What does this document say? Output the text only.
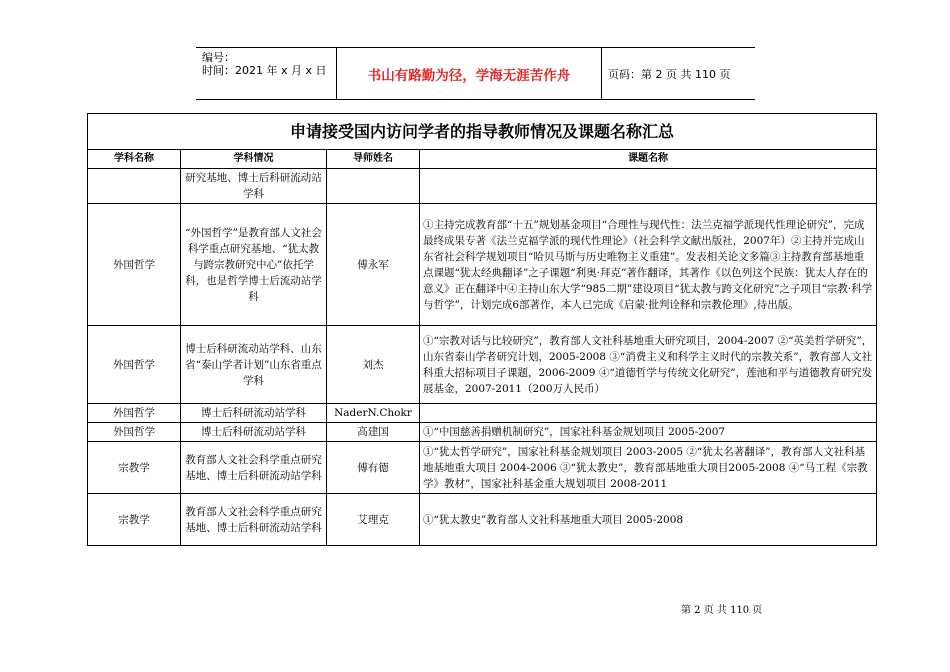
编号：
时间：2021 年 x 月 x 日	书山有路勤为径，学海无涯苦作舟	页码：第 2 页 共 110 页
申请接受国内访问学者的指导教师情况及课题名称汇总			
学科名称	学科情况	导师姓名	课题名称
	研究基地、博士后科研流动站学科		
外国哲学	“外国哲学”是教育部人文社会科学重点研究基地、“犹太教与跨宗教研究中心”依托学科，也是哲学博士后流动站学科	傅永军	①主持完成教育部“十五”规划基金项目“合理性与现代性：法兰克福学派现代性理论研究”，完成最终成果专著《法兰克福学派的现代性理论》（社会科学文献出版社，2007年）②主持并完成山东省社会科学规划项目“哈贝马斯与历史唯物主义重建”。发表相关论文多篇③主持教育部基地重点课题“犹太经典翻译”之子课题“利奥·拜克”著作翻译，其著作《以色列这个民族：犹太人存在的意义》正在翻译中④主持山东大学“985二期”建设项目“犹太教与跨文化研究”之子项目“宗教·科学与哲学”，计划完成6部著作，本人已完成《启蒙·批判诠释和宗教伦理》,待出版。
外国哲学	博士后科研流动站学科、山东省“泰山学者计划”山东省重点学科	刘杰	①“宗教对话与比较研究”，教育部人文社科基地重大研究项目，2004-2007 ②“英美哲学研究”，山东省泰山学者研究计划，2005-2008 ③“消费主义和科学主义时代的宗教关系”，教育部人文社科重大招标项目子课题，2006-2009 ④“道德哲学与传统文化研究”，莲池和平与道德教育研究发展基金，2007-2011（200万人民币）
外国哲学	博士后科研流动站学科	NaderN.Chokr	
外国哲学	博士后科研流动站学科	高建国	①“中国慈善捐赠机制研究”，国家社科基金规划项目 2005-2007
宗教学	教育部人文社会科学重点研究基地、博士后科研流动站学科	傅有德	①“犹太哲学研究”，国家社科基金规划项目 2003-2005 ②“犹太名著翻译”，教育部人文社科基地基地重大项目 2004-2006 ③“犹太教史”，教育部基地重大项目2005-2008 ④“马工程《宗教学》教材”，国家社科基金重大规划项目 2008-2011
宗教学	教育部人文社会科学重点研究基地、博士后科研流动站学科	艾理克	①“犹太教史”教育部人文社科基地重大项目 2005-2008
第 2 页 共 110 页
